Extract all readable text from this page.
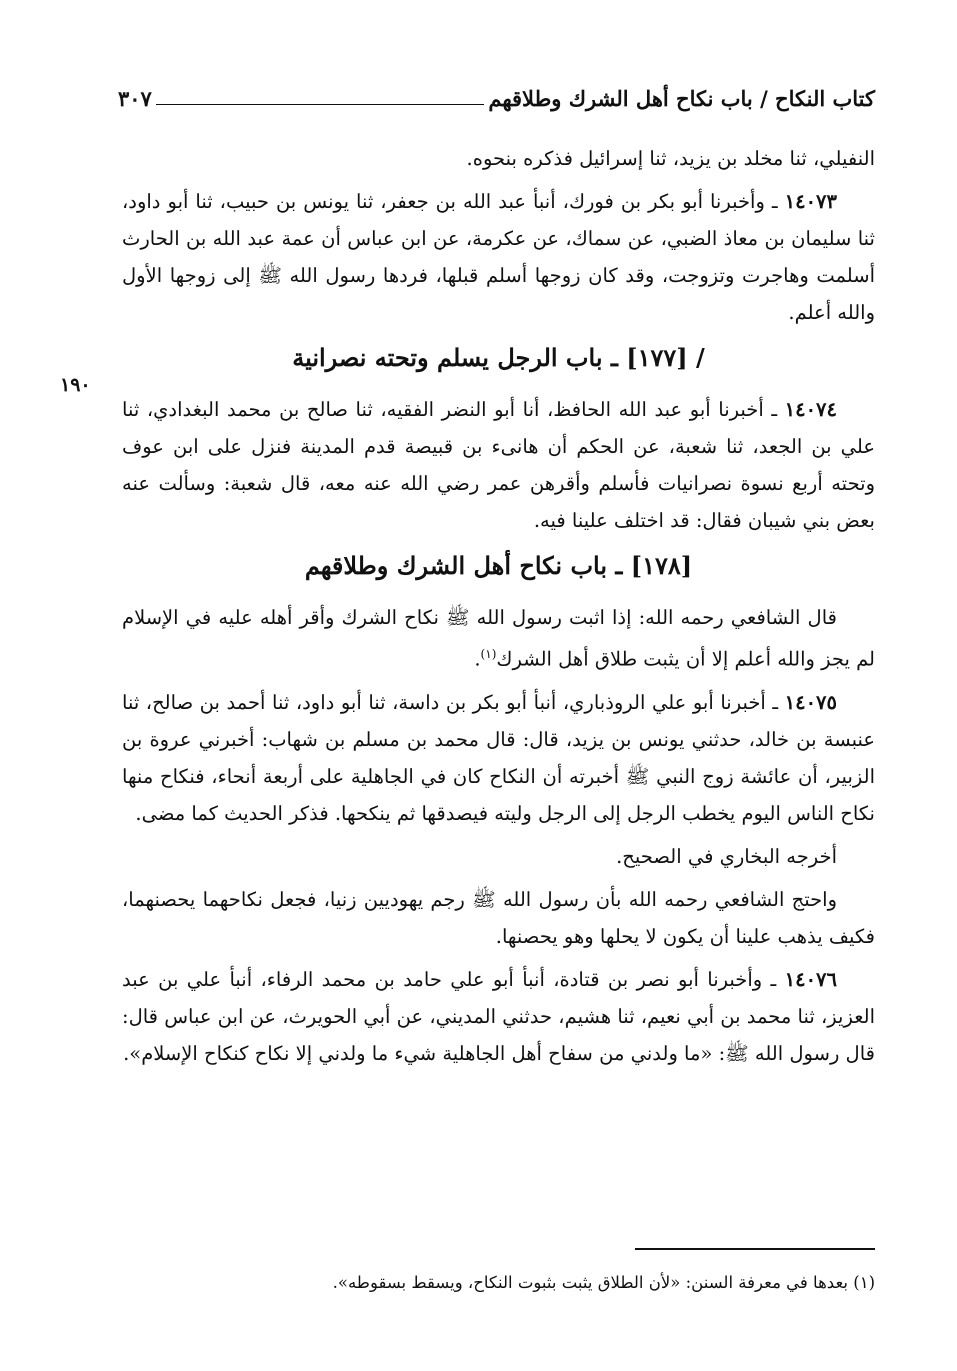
كتاب النكاح / باب نكاح أهل الشرك وطلاقهم
٣٠٧
١٩٠

النفيلي، ثنا مخلد بن يزيد، ثنا إسرائيل فذكره بنحوه.

١٤٠٧٣ ـ وأخبرنا أبو بكر بن فورك، أنبأ عبد الله بن جعفر، ثنا يونس بن حبيب، ثنا أبو داود، ثنا سليمان بن معاذ الضبي، عن سماك، عن عكرمة، عن ابن عباس أن عمة عبد الله بن الحارث أسلمت وهاجرت وتزوجت، وقد كان زوجها أسلم قبلها، فردها رسول الله ﷺ إلى زوجها الأول والله أعلم.

/ [١٧٧] ـ باب الرجل يسلم وتحته نصرانية

١٤٠٧٤ ـ أخبرنا أبو عبد الله الحافظ، أنا أبو النضر الفقيه، ثنا صالح بن محمد البغدادي، ثنا علي بن الجعد، ثنا شعبة، عن الحكم أن هانىء بن قبيصة قدم المدينة فنزل على ابن عوف وتحته أربع نسوة نصرانيات فأسلم وأقرهن عمر رضي الله عنه معه، قال شعبة: وسألت عنه بعض بني شيبان فقال: قد اختلف علينا فيه.

[١٧٨] ـ باب نكاح أهل الشرك وطلاقهم

قال الشافعي رحمه الله: إذا اثبت رسول الله ﷺ نكاح الشرك وأقر أهله عليه في الإسلام لم يجز والله أعلم إلا أن يثبت طلاق أهل الشرك$^{(١)}$.

١٤٠٧٥ ـ أخبرنا أبو علي الروذباري، أنبأ أبو بكر بن داسة، ثنا أبو داود، ثنا أحمد بن صالح، ثنا عنبسة بن خالد، حدثني يونس بن يزيد، قال: قال محمد بن مسلم بن شهاب: أخبرني عروة بن الزبير، أن عائشة زوج النبي ﷺ أخبرته أن النكاح كان في الجاهلية على أربعة أنحاء، فنكاح منها نكاح الناس اليوم يخطب الرجل إلى الرجل وليته فيصدقها ثم ينكحها. فذكر الحديث كما مضى.

أخرجه البخاري في الصحيح.

واحتج الشافعي رحمه الله بأن رسول الله ﷺ رجم يهوديين زنيا، فجعل نكاحهما يحصنهما، فكيف يذهب علينا أن يكون لا يحلها وهو يحصنها.

١٤٠٧٦ ـ وأخبرنا أبو نصر بن قتادة، أنبأ أبو علي حامد بن محمد الرفاء، أنبأ علي بن عبد العزيز، ثنا محمد بن أبي نعيم، ثنا هشيم، حدثني المديني، عن أبي الحويرث، عن ابن عباس قال: قال رسول الله ﷺ: «ما ولدني من سفاح أهل الجاهلية شيء ما ولدني إلا نكاح كنكاح الإسلام».

(١) بعدها في معرفة السنن: «لأن الطلاق يثبت بثبوت النكاح، ويسقط بسقوطه».
